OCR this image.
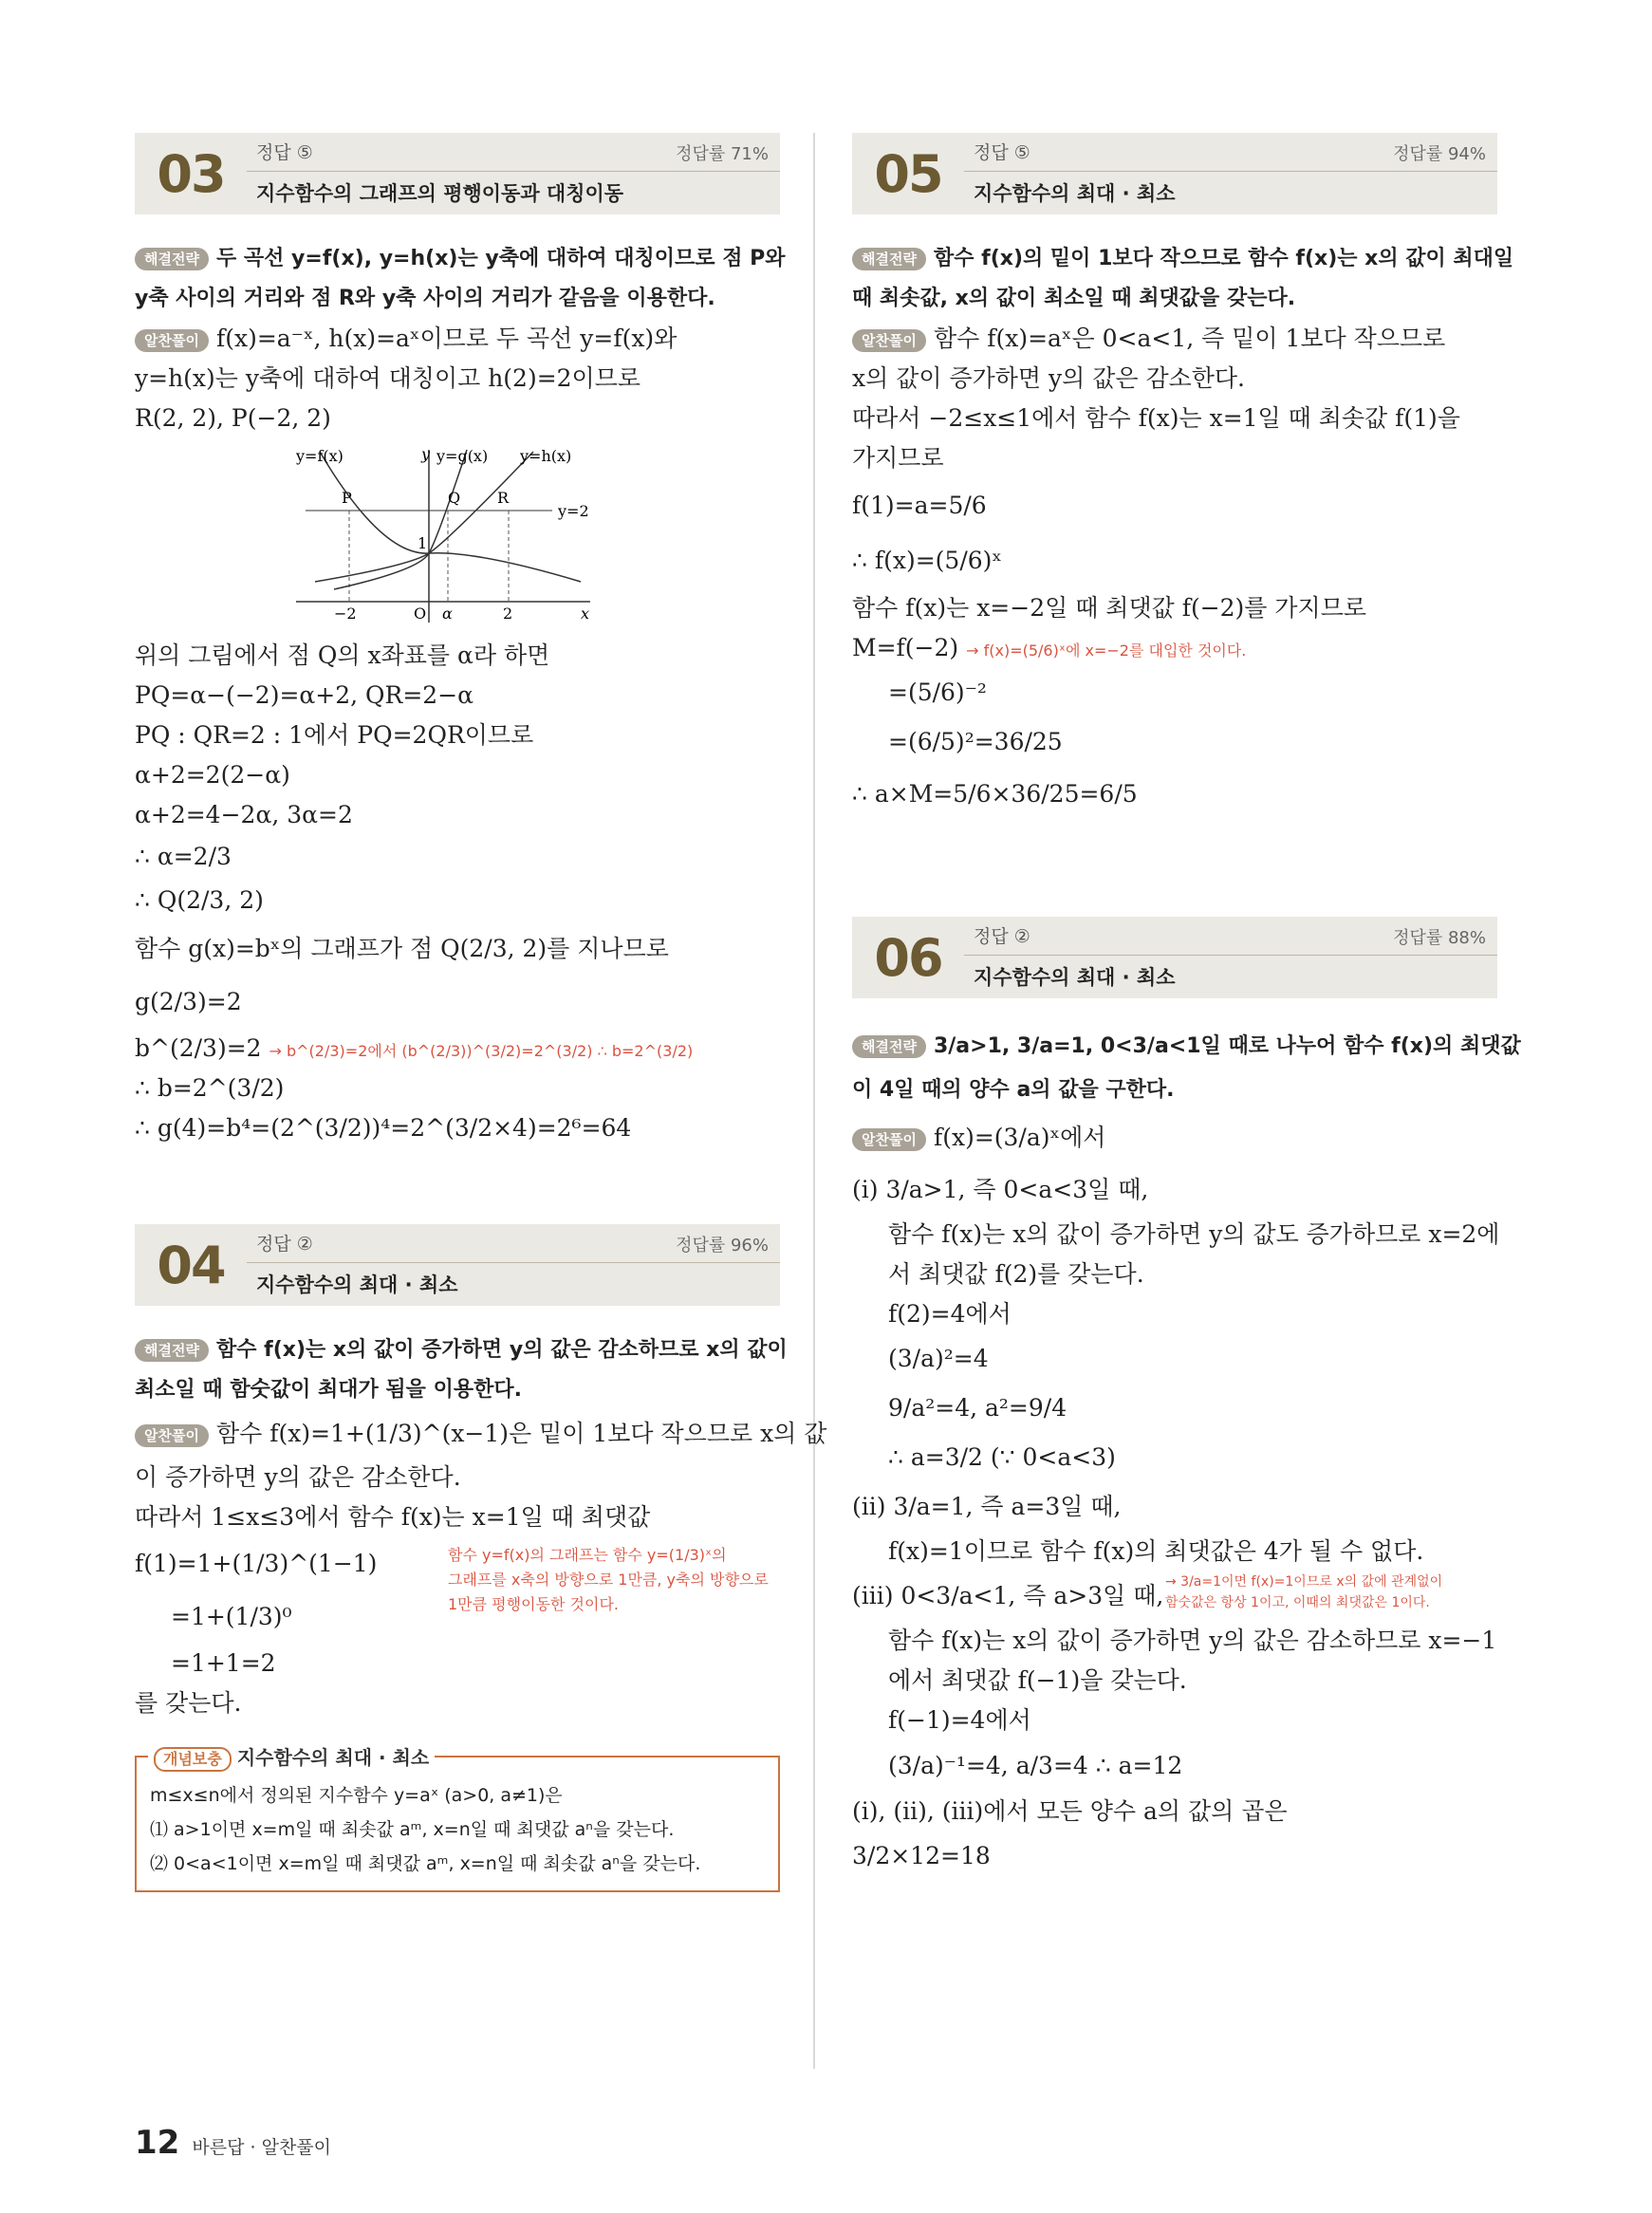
03	정답 ⑤	정답률 71%
지수함수의 그래프의 평행이동과 대칭이동

해결전략 두 곡선 y=f(x), y=h(x)는 y축에 대하여 대칭이므로 점 P와

y축 사이의 거리와 점 R와 y축 사이의 거리가 같음을 이용한다.

알찬풀이 f(x)=a⁻ˣ, h(x)=aˣ이므로 두 곡선 y=f(x)와

y=h(x)는 y축에 대하여 대칭이고 h(2)=2이므로

R(2, 2), P(−2, 2)

y=f(x)	y y=g(x) y=h(x)
P	Q R
y=2
1
−2	O α	2	x

위의 그림에서 점 Q의 x좌표를 α라 하면

PQ=α−(−2)=α+2, QR=2−α

PQ : QR=2 : 1에서 PQ=2QR이므로

α+2=2(2−α)

α+2=4−2α, 3α=2

∴ α=2/3

∴ Q(2/3, 2)

함수 g(x)=bˣ의 그래프가 점 Q(2/3, 2)를 지나므로

g(2/3)=2

b^(2/3)=2 → b^(2/3)=2에서 (b^(2/3))^(3/2)=2^(3/2) ∴ b=2^(3/2)

∴ b=2^(3/2)

∴ g(4)=b⁴=(2^(3/2))⁴=2^(3/2×4)=2⁶=64

04	정답 ②	정답률 96%
지수함수의 최대 · 최소

해결전략 함수 f(x)는 x의 값이 증가하면 y의 값은 감소하므로 x의 값이

최소일 때 함숫값이 최대가 됨을 이용한다.

알찬풀이 함수 f(x)=1+(1/3)^(x−1)은 밑이 1보다 작으므로 x의 값

이 증가하면 y의 값은 감소한다.

따라서 1≤x≤3에서 함수 f(x)는 x=1일 때 최댓값

f(1)=1+(1/3)^(1−1)

=1+(1/3)⁰

=1+1=2

함수 y=f(x)의 그래프는 함수 y=(1/3)ˣ의
그래프를 x축의 방향으로 1만큼, y축의 방향으로
1만큼 평행이동한 것이다.

를 갖는다.

개념보충 지수함수의 최대 · 최소
m≤x≤n에서 정의된 지수함수 y=aˣ (a>0, a≠1)은
⑴ a>1이면 x=m일 때 최솟값 aᵐ, x=n일 때 최댓값 aⁿ을 갖는다.
⑵ 0<a<1이면 x=m일 때 최댓값 aᵐ, x=n일 때 최솟값 aⁿ을 갖는다.
05	정답 ⑤	정답률 94%
지수함수의 최대 · 최소

해결전략 함수 f(x)의 밑이 1보다 작으므로 함수 f(x)는 x의 값이 최대일

때 최솟값, x의 값이 최소일 때 최댓값을 갖는다.

알찬풀이 함수 f(x)=aˣ은 0<a<1, 즉 밑이 1보다 작으므로

x의 값이 증가하면 y의 값은 감소한다.

따라서 −2≤x≤1에서 함수 f(x)는 x=1일 때 최솟값 f(1)을

가지므로

f(1)=a=5/6

∴ f(x)=(5/6)ˣ

함수 f(x)는 x=−2일 때 최댓값 f(−2)를 가지므로

M=f(−2) → f(x)=(5/6)ˣ에 x=−2를 대입한 것이다.

=(5/6)⁻²

=(6/5)²=36/25

∴ a×M=5/6×36/25=6/5

06	정답 ②	정답률 88%
지수함수의 최대 · 최소

해결전략 3/a>1, 3/a=1, 0<3/a<1일 때로 나누어 함수 f(x)의 최댓값

이 4일 때의 양수 a의 값을 구한다.

알찬풀이 f(x)=(3/a)ˣ에서

(i) 3/a>1, 즉 0<a<3일 때,

함수 f(x)는 x의 값이 증가하면 y의 값도 증가하므로 x=2에

서 최댓값 f(2)를 갖는다.

f(2)=4에서

(3/a)²=4

9/a²=4, a²=9/4

∴ a=3/2 (∵ 0<a<3)

(ii) 3/a=1, 즉 a=3일 때,

f(x)=1이므로 함수 f(x)의 최댓값은 4가 될 수 없다.

(iii) 0<3/a<1, 즉 a>3일 때, → 3/a=1이면 f(x)=1이므로 x의 값에 관계없이
함숫값은 항상 1이고, 이때의 최댓값은 1이다.

함수 f(x)는 x의 값이 증가하면 y의 값은 감소하므로 x=−1

에서 최댓값 f(−1)을 갖는다.

f(−1)=4에서

(3/a)⁻¹=4, a/3=4 ∴ a=12

(i), (ii), (iii)에서 모든 양수 a의 값의 곱은

3/2×12=18

12 바른답 · 알찬풀이
